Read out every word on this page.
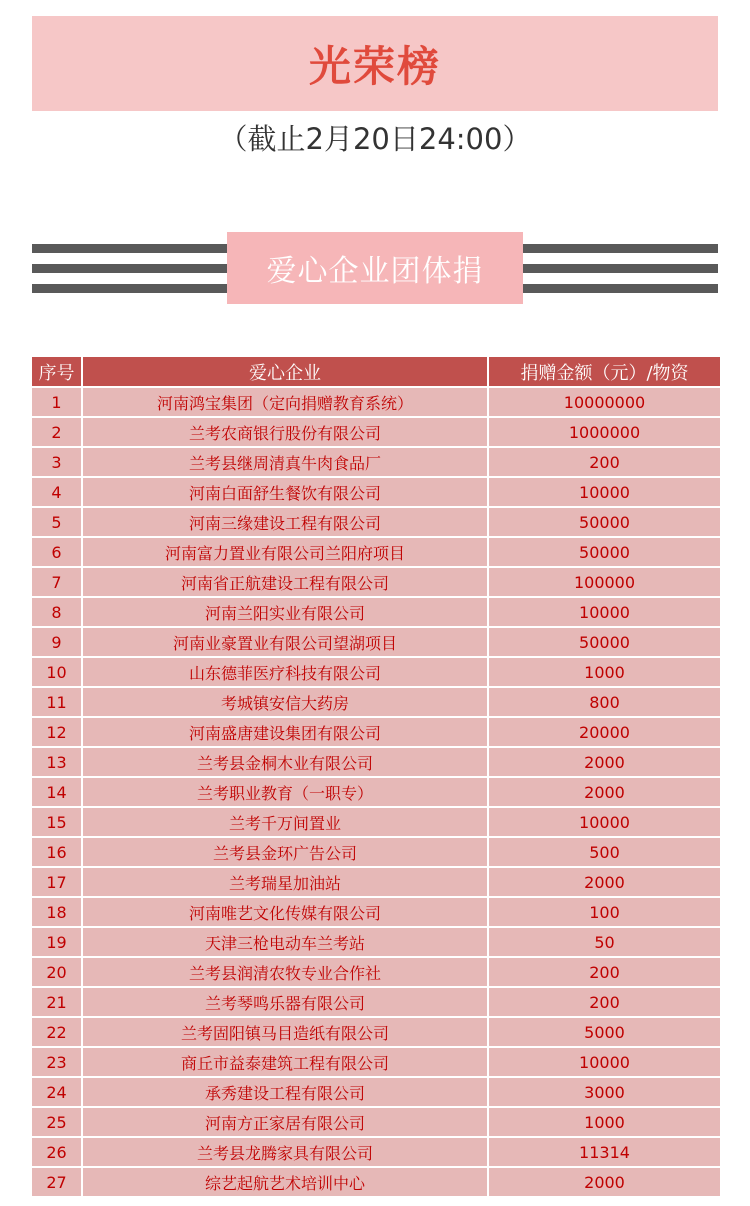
光荣榜
（截止2月20日24:00）
爱心企业团体捐
序号	爱心企业	捐赠金额（元）/物资
1	河南鸿宝集团（定向捐赠教育系统）	10000000
2	兰考农商银行股份有限公司	1000000
3	兰考县继周清真牛肉食品厂	200
4	河南白面舒生餐饮有限公司	10000
5	河南三缘建设工程有限公司	50000
6	河南富力置业有限公司兰阳府项目	50000
7	河南省正航建设工程有限公司	100000
8	河南兰阳实业有限公司	10000
9	河南业豪置业有限公司望湖项目	50000
10	山东德菲医疗科技有限公司	1000
11	考城镇安信大药房	800
12	河南盛唐建设集团有限公司	20000
13	兰考县金桐木业有限公司	2000
14	兰考职业教育（一职专）	2000
15	兰考千万间置业	10000
16	兰考县金环广告公司	500
17	兰考瑞星加油站	2000
18	河南唯艺文化传媒有限公司	100
19	天津三枪电动车兰考站	50
20	兰考县润清农牧专业合作社	200
21	兰考琴鸣乐器有限公司	200
22	兰考固阳镇马目造纸有限公司	5000
23	商丘市益泰建筑工程有限公司	10000
24	承秀建设工程有限公司	3000
25	河南方正家居有限公司	1000
26	兰考县龙腾家具有限公司	11314
27	综艺起航艺术培训中心	2000
